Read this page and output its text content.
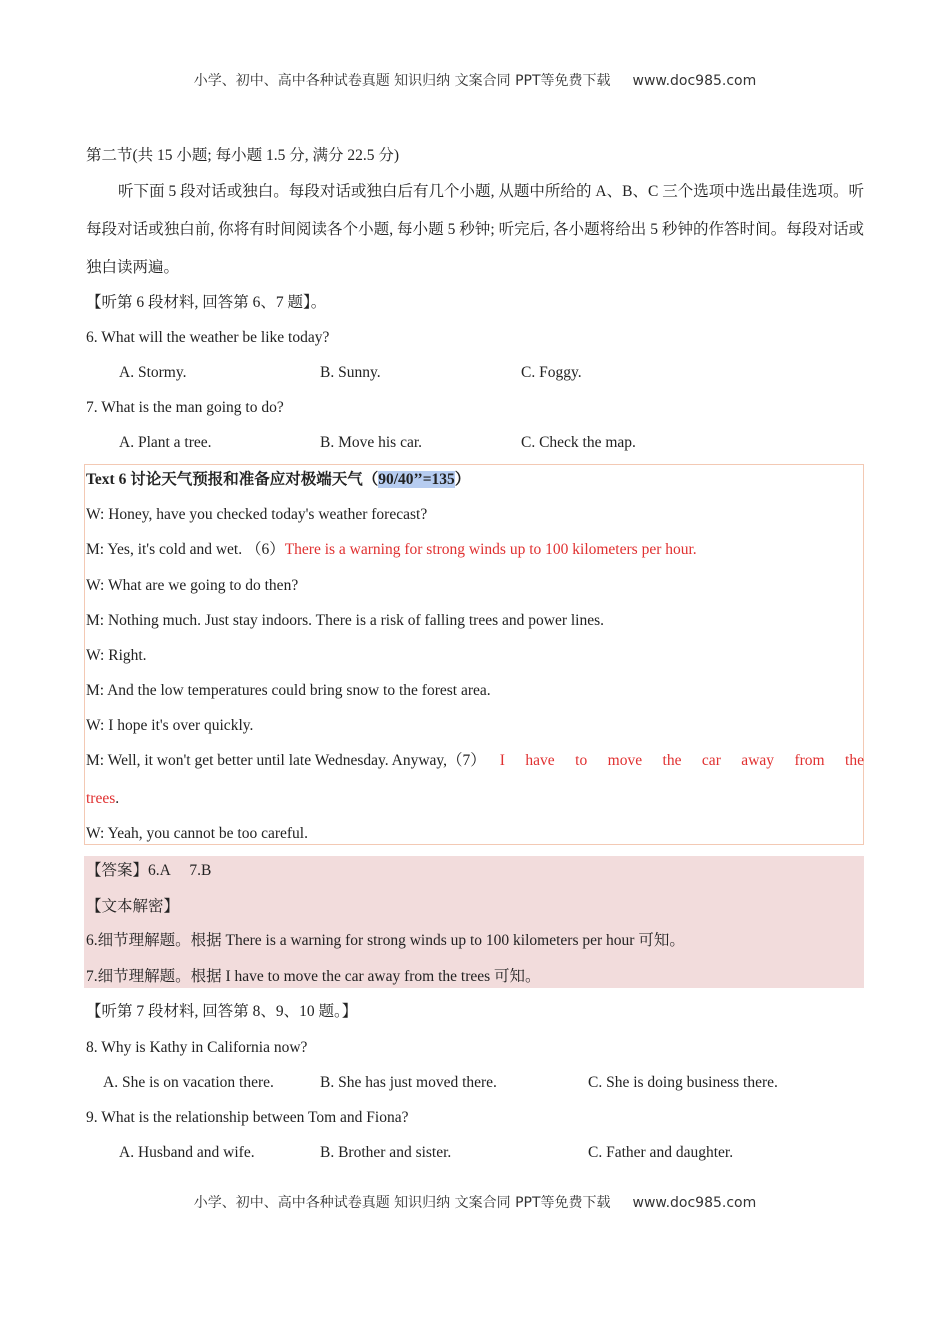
小学、初中、高中各种试卷真题 知识归纳 文案合同 PPT等免费下载 www.doc985.com
第二节(共 15 小题; 每小题 1.5 分, 满分 22.5 分)
听下面 5 段对话或独白。每段对话或独白后有几个小题, 从题中所给的 A、B、C 三个选项中选出最佳选项。听每段对话或独白前, 你将有时间阅读各个小题, 每小题 5 秒钟; 听完后, 各小题将给出 5 秒钟的作答时间。每段对话或独白读两遍。
【听第 6 段材料, 回答第 6、7 题】。
6. What will the weather be like today?
A. Stormy.	B. Sunny.	C. Foggy.
7. What is the man going to do?
A. Plant a tree.	B. Move his car.	C. Check the map.
Text 6 讨论天气预报和准备应对极端天气（90/40’’=135）
W: Honey, have you checked today's weather forecast?
M: Yes, it's cold and wet. （6）There is a warning for strong winds up to 100 kilometers per hour.
W: What are we going to do then?
M: Nothing much. Just stay indoors. There is a risk of falling trees and power lines.
W: Right.
M: And the low temperatures could bring snow to the forest area.
W: I hope it's over quickly.
M: Well, it won't get better until late Wednesday. Anyway,（7） I have to move the car away from the
trees.
W: Yeah, you cannot be too careful.
【答案】6.A     7.B
【文本解密】
6.细节理解题。根据 There is a warning for strong winds up to 100 kilometers per hour 可知。
7.细节理解题。根据 I have to move the car away from the trees 可知。
【听第 7 段材料, 回答第 8、9、10 题。】
8. Why is Kathy in California now?
A. She is on vacation there.	B. She has just moved there.	C. She is doing business there.
9. What is the relationship between Tom and Fiona?
A. Husband and wife.	B. Brother and sister.	C. Father and daughter.
小学、初中、高中各种试卷真题 知识归纳 文案合同 PPT等免费下载 www.doc985.com
